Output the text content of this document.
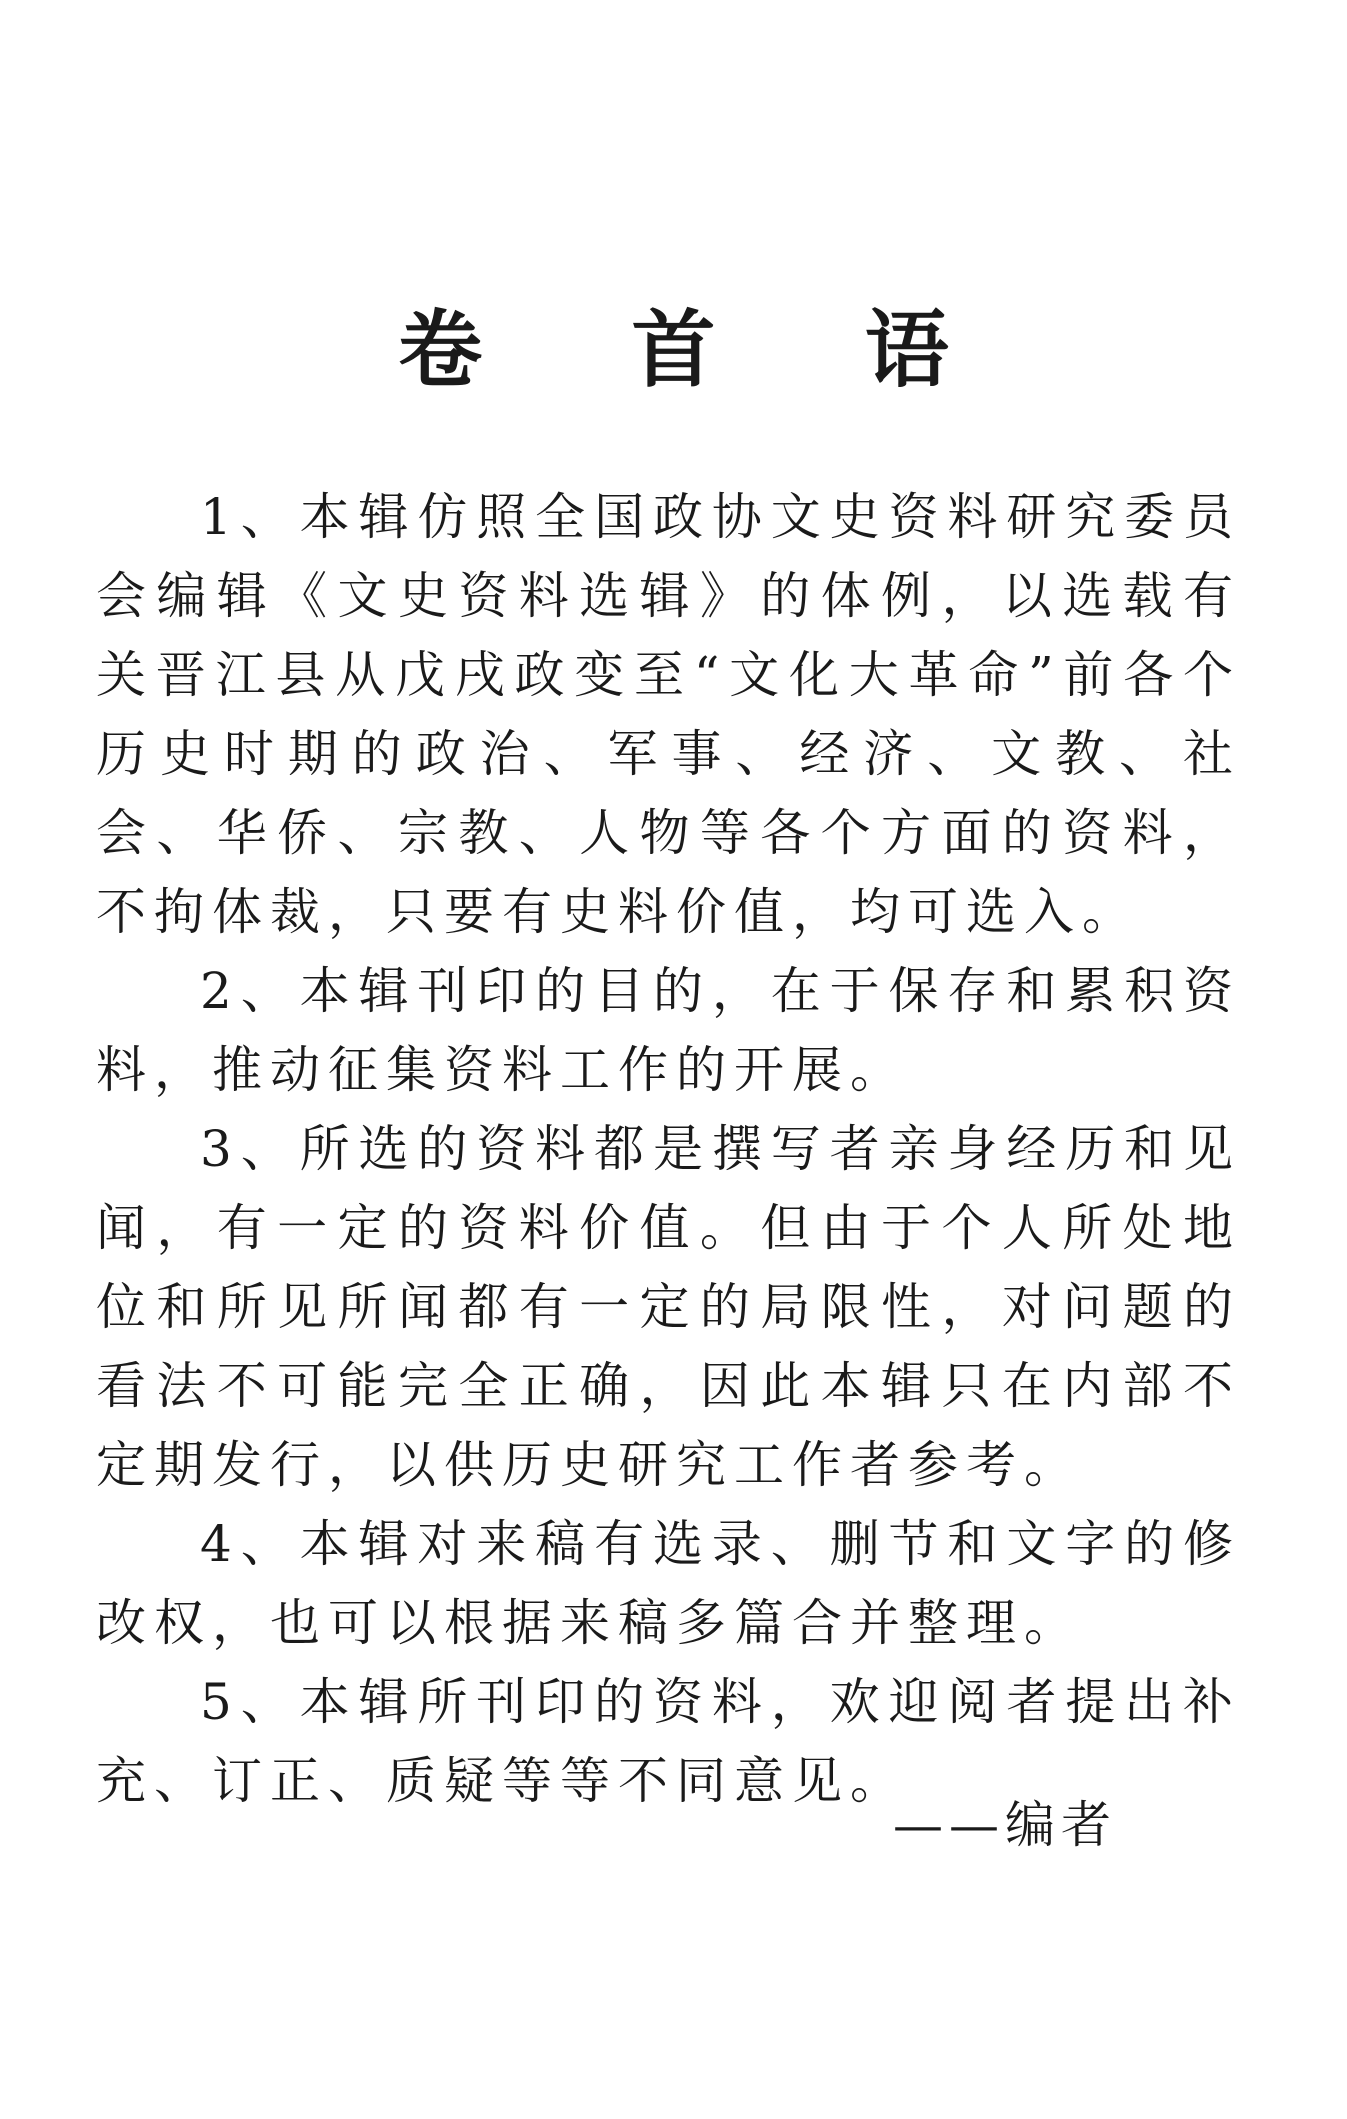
卷 首 语

1、本辑仿照全国政协文史资料研究委员会编辑《文史资料选辑》的体例，以选载有关晋江县从戊戌政变至“文化大革命”前各个历史时期的政治、军事、经济、文教、社会、华侨、宗教、人物等各个方面的资料，不拘体裁，只要有史料价值，均可选入。

2、本辑刊印的目的，在于保存和累积资料，推动征集资料工作的开展。

3、所选的资料都是撰写者亲身经历和见闻，有一定的资料价值。但由于个人所处地位和所见所闻都有一定的局限性，对问题的看法不可能完全正确，因此本辑只在内部不定期发行，以供历史研究工作者参考。

4、本辑对来稿有选录、删节和文字的修改权，也可以根据来稿多篇合并整理。

5、本辑所刊印的资料，欢迎阅者提出补充、订正、质疑等等不同意见。

——编者
